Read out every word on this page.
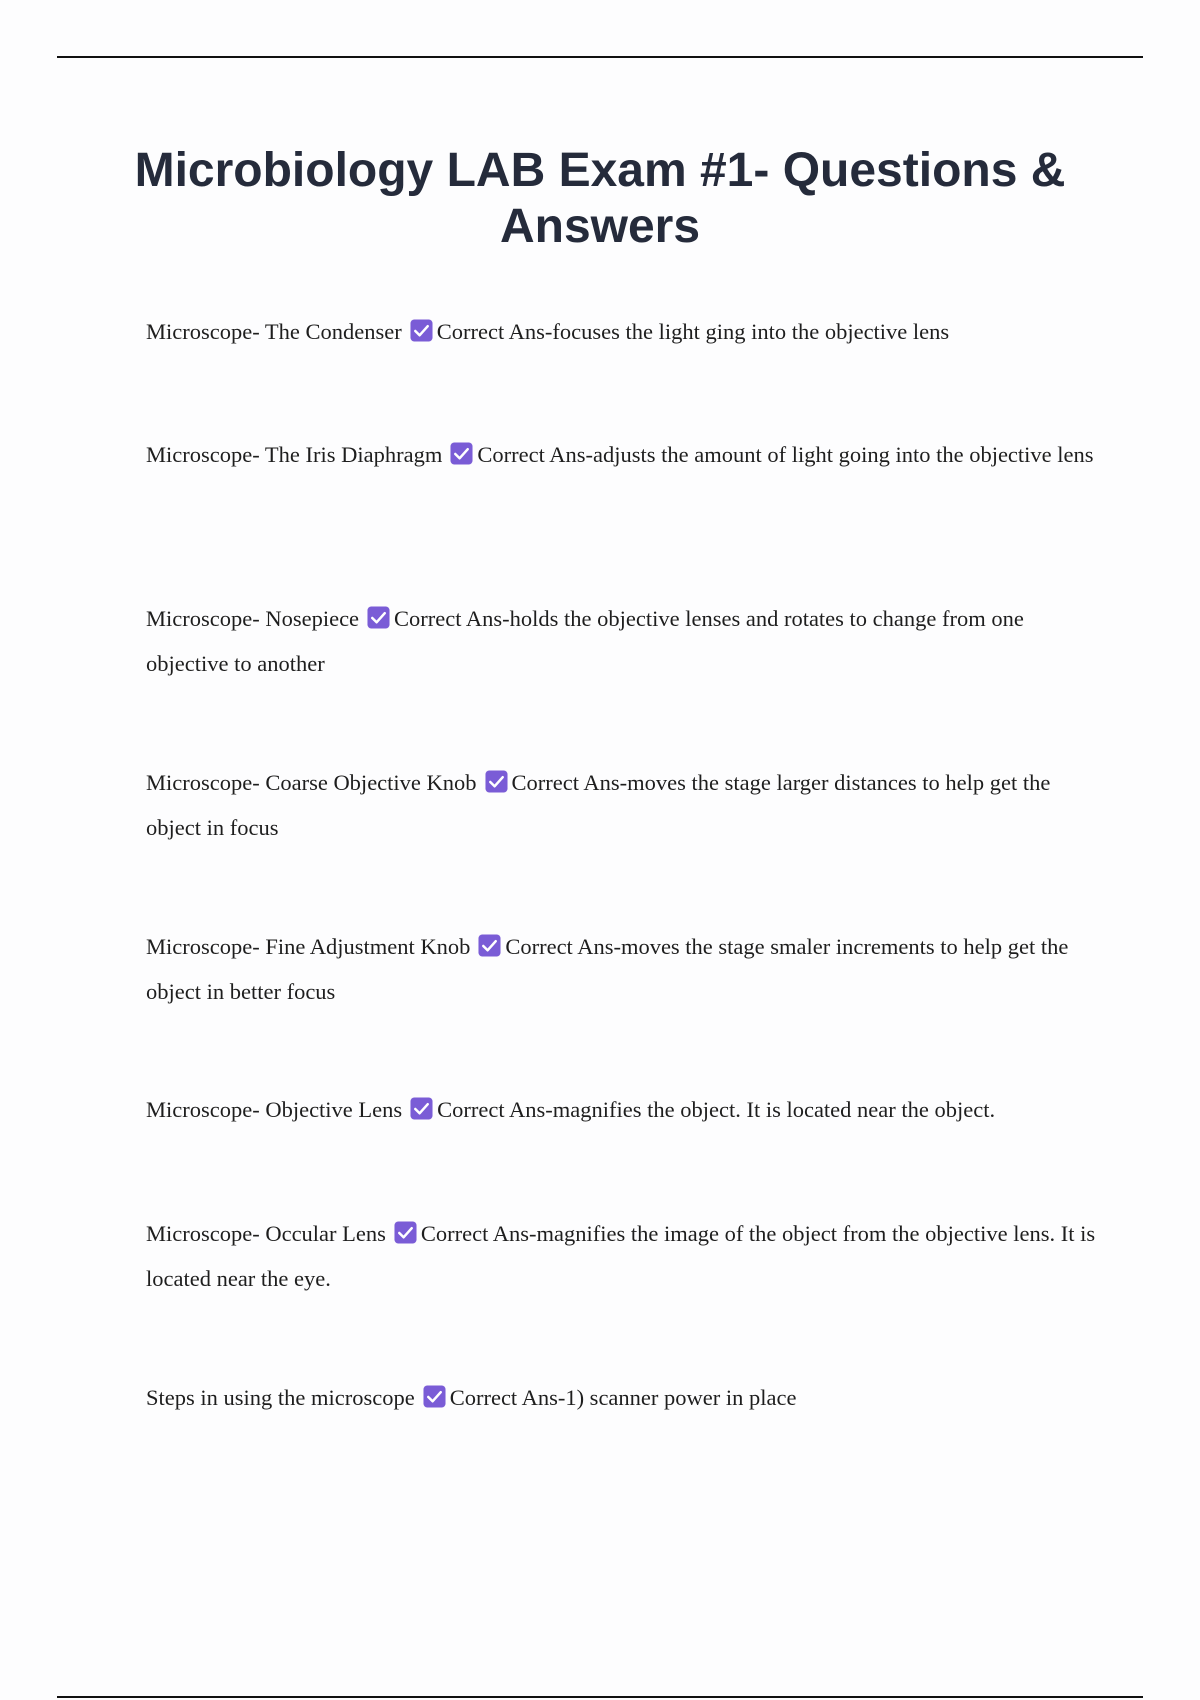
Microbiology LAB Exam #1- Questions & Answers

Microscope- The Condenser Correct Ans-focuses the light ging into the objective lens

Microscope- The Iris Diaphragm Correct Ans-adjusts the amount of light going into the objective lens

Microscope- Nosepiece Correct Ans-holds the objective lenses and rotates to change from one objective to another

Microscope- Coarse Objective Knob Correct Ans-moves the stage larger distances to help get the object in focus

Microscope- Fine Adjustment Knob Correct Ans-moves the stage smaler increments to help get the object in better focus

Microscope- Objective Lens Correct Ans-magnifies the object. It is located near the object.

Microscope- Occular Lens Correct Ans-magnifies the image of the object from the objective lens. It is located near the eye.

Steps in using the microscope Correct Ans-1) scanner power in place
